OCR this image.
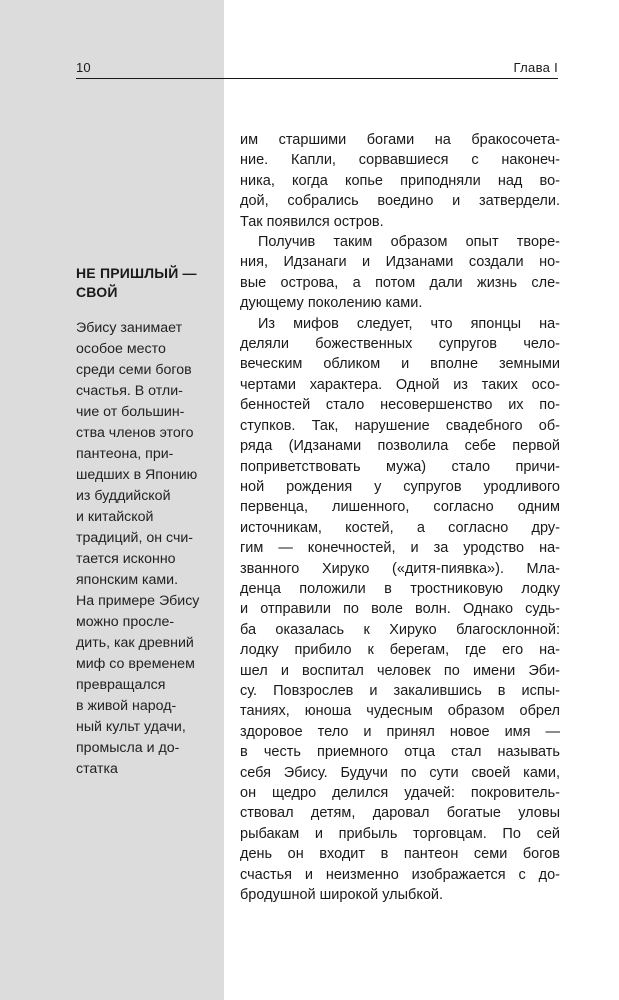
10	Глава I
НЕ ПРИШЛЫЙ —
СВОЙ
Эбису занимает
особое место
среди семи богов
счастья. В отли-
чие от большин-
ства членов этого
пантеона, при-
шедших в Японию
из буддийской
и китайской
традиций, он счи-
тается исконно
японским ками.
На примере Эбису
можно просле-
дить, как древний
миф со временем
превращался
в живой народ-
ный культ удачи,
промысла и до-
статка
им старшими богами на бракосочета-
ние. Капли, сорвавшиеся с наконеч-
ника, когда копье приподняли над во-
дой, собрались воедино и затвердели.
Так появился остров.
Получив таким образом опыт творе-
ния, Идзанаги и Идзанами создали но-
вые острова, а потом дали жизнь сле-
дующему поколению ками.
Из мифов следует, что японцы на-
деляли божественных супругов чело-
веческим обликом и вполне земными
чертами характера. Одной из таких осо-
бенностей стало несовершенство их по-
ступков. Так, нарушение свадебного об-
ряда (Идзанами позволила себе первой
поприветствовать мужа) стало причи-
ной рождения у супругов уродливого
первенца, лишенного, согласно одним
источникам, костей, а согласно дру-
гим — конечностей, и за уродство на-
званного Хируко («дитя-пиявка»). Мла-
денца положили в тростниковую лодку
и отправили по воле волн. Однако судь-
ба оказалась к Хируко благосклонной:
лодку прибило к берегам, где его на-
шел и воспитал человек по имени Эби-
су. Повзрослев и закалившись в испы-
таниях, юноша чудесным образом обрел
здоровое тело и принял новое имя —
в честь приемного отца стал называть
себя Эбису. Будучи по сути своей ками,
он щедро делился удачей: покровитель-
ствовал детям, даровал богатые уловы
рыбакам и прибыль торговцам. По сей
день он входит в пантеон семи богов
счастья и неизменно изображается с до-
бродушной широкой улыбкой.
